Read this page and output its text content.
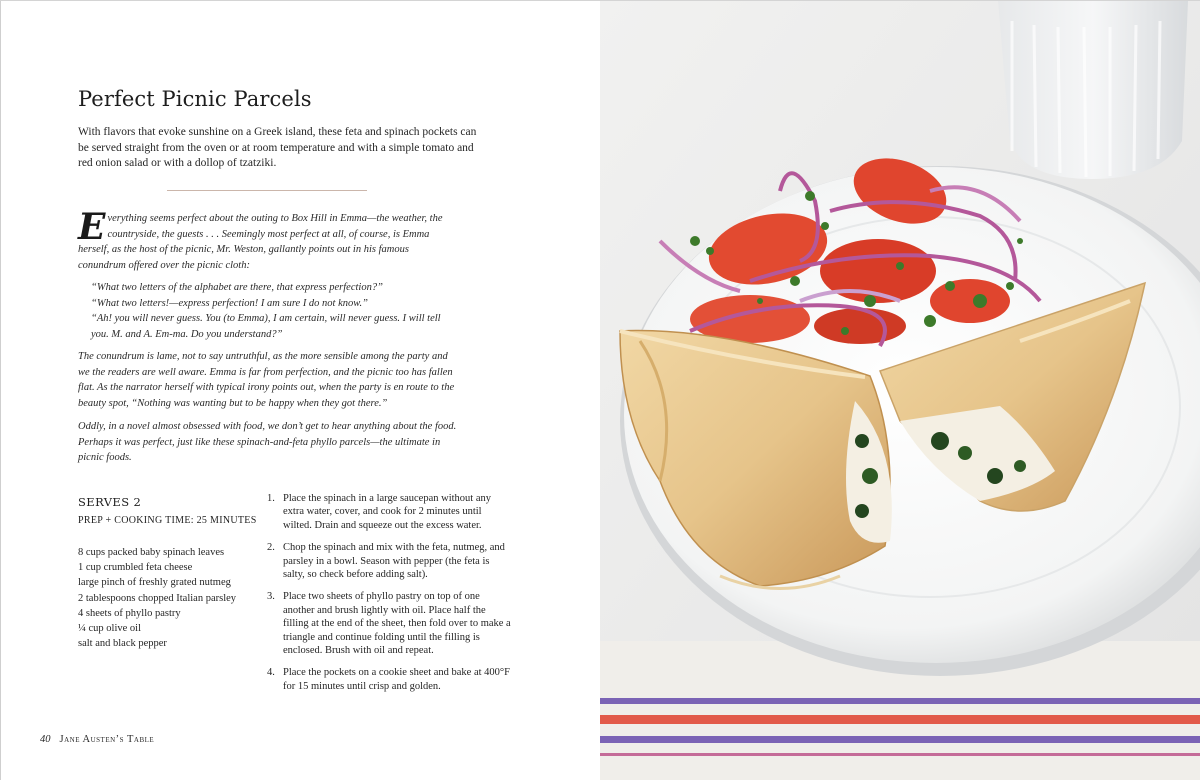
Perfect Picnic Parcels

With flavors that evoke sunshine on a Greek island, these feta and spinach pockets can be served straight from the oven or at room temperature and with a simple tomato and red onion salad or with a dollop of tzatziki.

Everything seems perfect about the outing to Box Hill in Emma—the weather, the countryside, the guests . . . Seemingly most perfect at all, of course, is Emma herself, as the host of the picnic, Mr. Weston, gallantly points out in his famous conundrum offered over the picnic cloth:

“What two letters of the alphabet are there, that express perfection?”
“What two letters!—express perfection! I am sure I do not know.”
“Ah! you will never guess. You (to Emma), I am certain, will never guess. I will tell you. M. and A. Em-ma. Do you understand?”

The conundrum is lame, not to say untruthful, as the more sensible among the party and we the readers are well aware. Emma is far from perfection, and the picnic too has fallen flat. As the narrator herself with typical irony points out, when the party is en route to the beauty spot, “Nothing was wanting but to be happy when they got there.”

Oddly, in a novel almost obsessed with food, we don’t get to hear anything about the food. Perhaps it was perfect, just like these spinach-and-feta phyllo parcels—the ultimate in picnic foods.

SERVES 2
PREP + COOKING TIME: 25 MINUTES
8 cups packed baby spinach leaves
1 cup crumbled feta cheese
large pinch of freshly grated nutmeg
2 tablespoons chopped Italian parsley
4 sheets of phyllo pastry
¼ cup olive oil
salt and black pepper
1. Place the spinach in a large saucepan without any extra water, cover, and cook for 2 minutes until wilted. Drain and squeeze out the excess water.
2. Chop the spinach and mix with the feta, nutmeg, and parsley in a bowl. Season with pepper (the feta is salty, so check before adding salt).
3. Place two sheets of phyllo pastry on top of one another and brush lightly with oil. Place half the filling at the end of the sheet, then fold over to make a triangle and continue folding until the filling is enclosed. Brush with oil and repeat.
4. Place the pockets on a cookie sheet and bake at 400°F for 15 minutes until crisp and golden.
40 Jane Austen’s Table
